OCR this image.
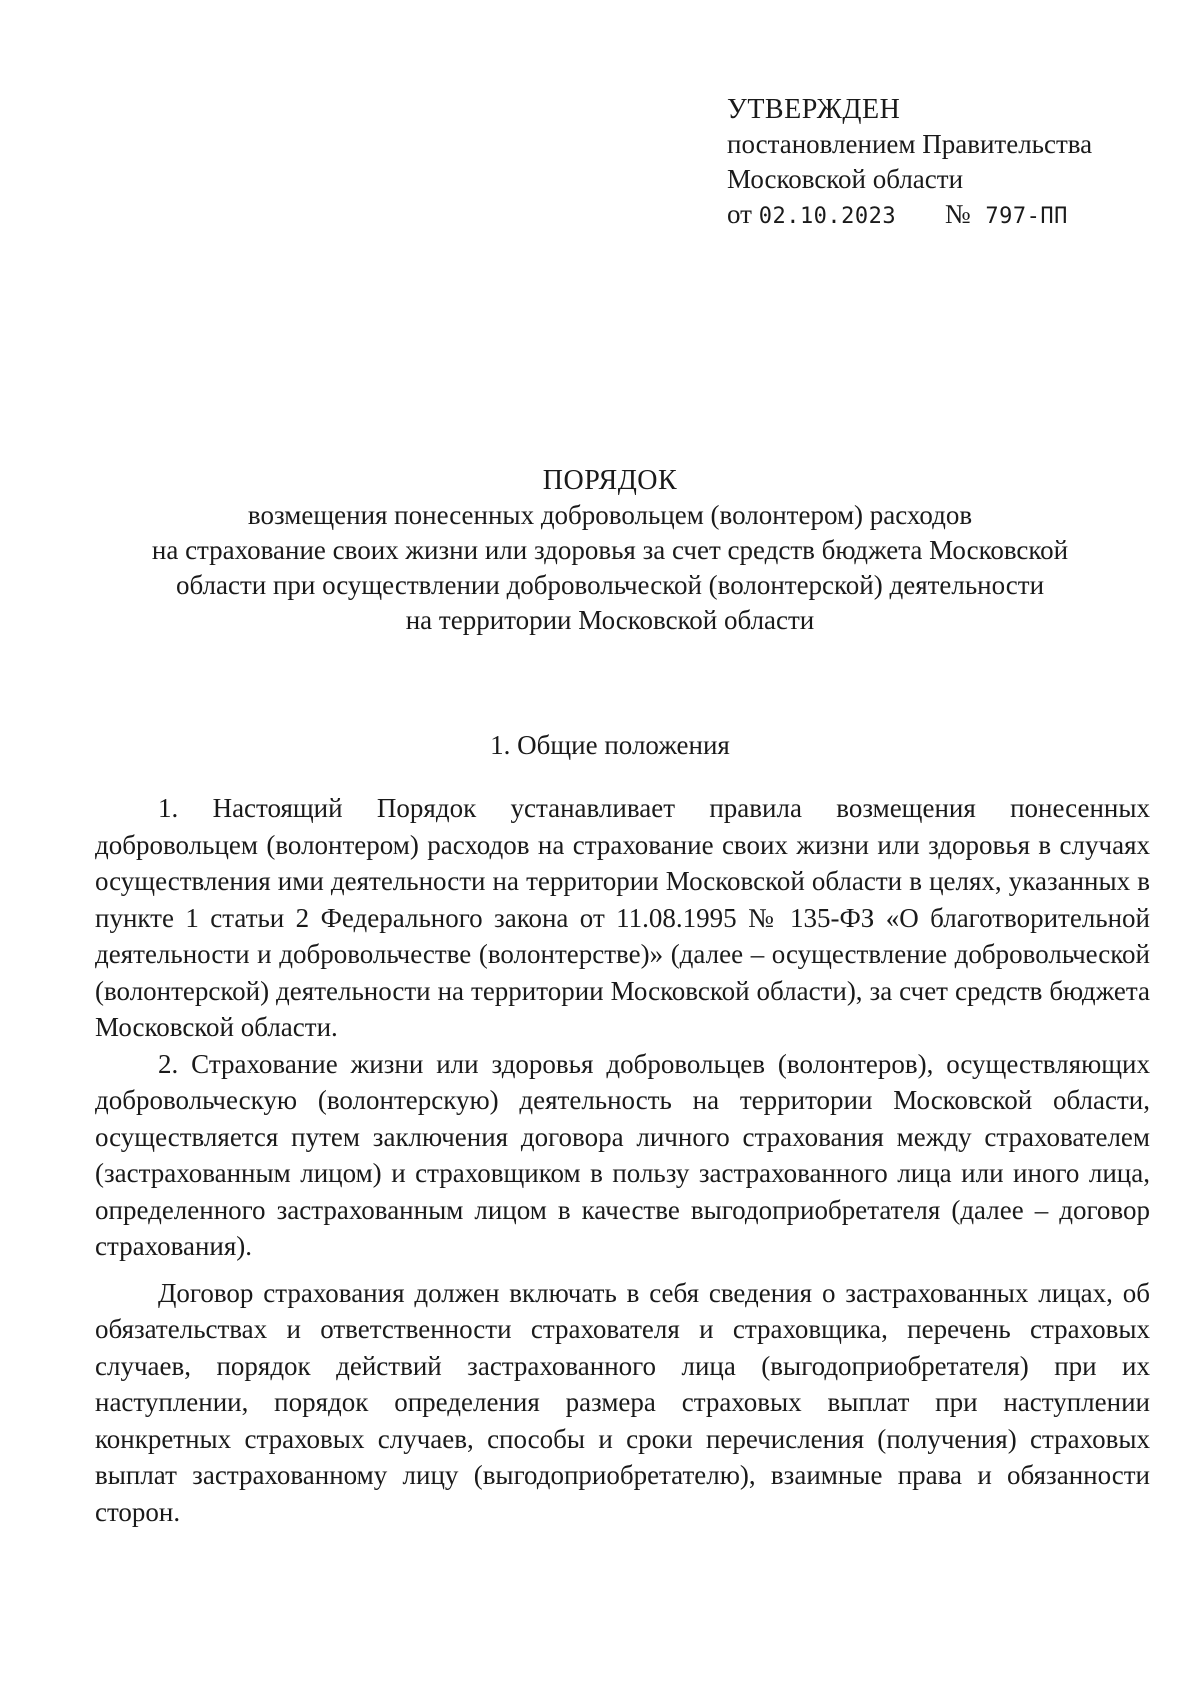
УТВЕРЖДЕН
постановлением Правительства
Московской области
от 02.10.2023 № 797-ПП
ПОРЯДОК
возмещения понесенных добровольцем (волонтером) расходов
на страхование своих жизни или здоровья за счет средств бюджета Московской
области при осуществлении добровольческой (волонтерской) деятельности
на территории Московской области
1. Общие положения

1. Настоящий Порядок устанавливает правила возмещения понесенных добровольцем (волонтером) расходов на страхование своих жизни или здоровья в случаях осуществления ими деятельности на территории Московской области в целях, указанных в пункте 1 статьи 2 Федерального закона от 11.08.1995 № 135-ФЗ «О благотворительной деятельности и добровольчестве (волонтерстве)» (далее – осуществление добровольческой (волонтерской) деятельности на территории Московской области), за счет средств бюджета Московской области.

2. Страхование жизни или здоровья добровольцев (волонтеров), осуществляющих добровольческую (волонтерскую) деятельность на территории Московской области, осуществляется путем заключения договора личного страхования между страхователем (застрахованным лицом) и страховщиком в пользу застрахованного лица или иного лица, определенного застрахованным лицом в качестве выгодоприобретателя (далее – договор страхования).

Договор страхования должен включать в себя сведения о застрахованных лицах, об обязательствах и ответственности страхователя и страховщика, перечень страховых случаев, порядок действий застрахованного лица (выгодоприобретателя) при их наступлении, порядок определения размера страховых выплат при наступлении конкретных страховых случаев, способы и сроки перечисления (получения) страховых выплат застрахованному лицу (выгодоприобретателю), взаимные права и обязанности сторон.
